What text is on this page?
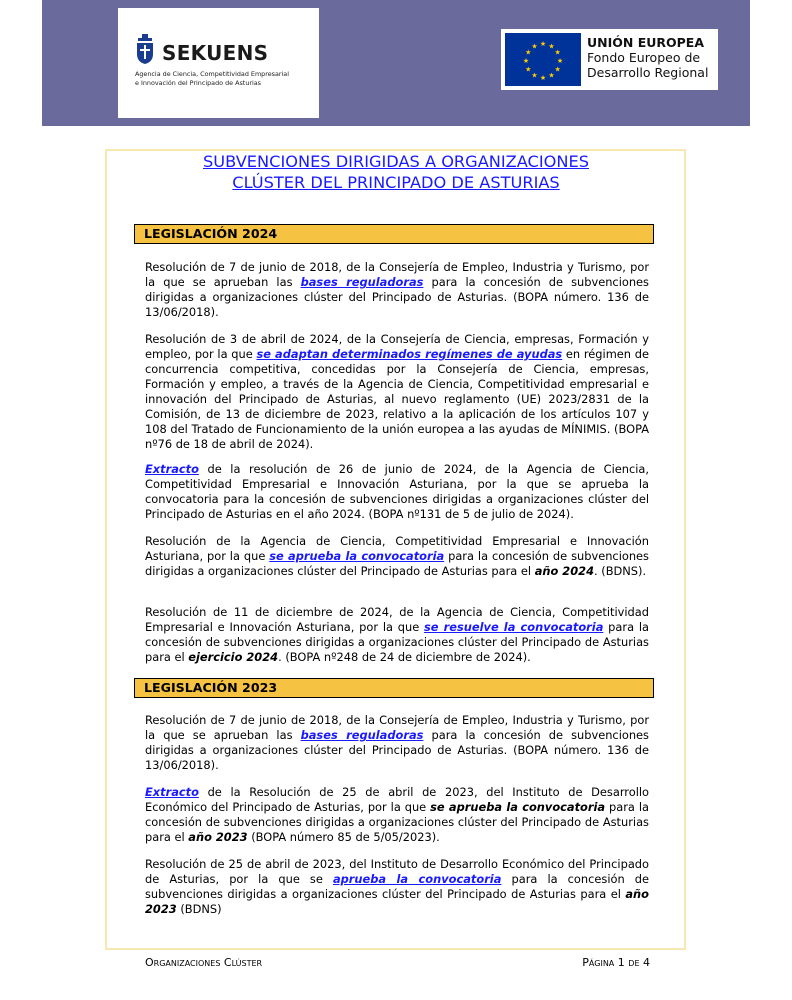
SEKUENS
Agencia de Ciencia, Competitividad Empresarial
e Innovación del Principado de Asturias
★ ★
★
★
★
★
★
★
★
★
★
★	UNIÓN EUROPEA
Fondo Europeo de
Desarrollo Regional
SUBVENCIONES DIRIGIDAS A ORGANIZACIONES
CLÚSTER DEL PRINCIPADO DE ASTURIAS
LEGISLACIÓN 2024

Resolución de 7 de junio de 2018, de la Consejería de Empleo, Industria y Turismo, por la que se aprueban las bases reguladoras para la concesión de subvenciones dirigidas a organizaciones clúster del Principado de Asturias. (BOPA número. 136 de 13/06/2018).

Resolución de 3 de abril de 2024, de la Consejería de Ciencia, empresas, Formación y empleo, por la que se adaptan determinados regímenes de ayudas en régimen de concurrencia competitiva, concedidas por la Consejería de Ciencia, empresas, Formación y empleo, a través de la Agencia de Ciencia, Competitividad empresarial e innovación del Principado de Asturias, al nuevo reglamento (UE) 2023/2831 de la Comisión, de 13 de diciembre de 2023, relativo a la aplicación de los artículos 107 y 108 del Tratado de Funcionamiento de la unión europea a las ayudas de MÍNIMIS. (BOPA nº76 de 18 de abril de 2024).

Extracto de la resolución de 26 de junio de 2024, de la Agencia de Ciencia, Competitividad Empresarial e Innovación Asturiana, por la que se aprueba la convocatoria para la concesión de subvenciones dirigidas a organizaciones clúster del Principado de Asturias en el año 2024. (BOPA nº131 de 5 de julio de 2024).

Resolución de la Agencia de Ciencia, Competitividad Empresarial e Innovación Asturiana, por la que se aprueba la convocatoria para la concesión de subvenciones dirigidas a organizaciones clúster del Principado de Asturias para el año 2024. (BDNS).

Resolución de 11 de diciembre de 2024, de la Agencia de Ciencia, Competitividad Empresarial e Innovación Asturiana, por la que se resuelve la convocatoria para la concesión de subvenciones dirigidas a organizaciones clúster del Principado de Asturias para el ejercicio 2024. (BOPA nº248 de 24 de diciembre de 2024).

LEGISLACIÓN 2023

Resolución de 7 de junio de 2018, de la Consejería de Empleo, Industria y Turismo, por la que se aprueban las bases reguladoras para la concesión de subvenciones dirigidas a organizaciones clúster del Principado de Asturias. (BOPA número. 136 de 13/06/2018).

Extracto de la Resolución de 25 de abril de 2023, del Instituto de Desarrollo Económico del Principado de Asturias, por la que se aprueba la convocatoria para la concesión de subvenciones dirigidas a organizaciones clúster del Principado de Asturias para el año 2023 (BOPA número 85 de 5/05/2023).

Resolución de 25 de abril de 2023, del Instituto de Desarrollo Económico del Principado de Asturias, por la que se aprueba la convocatoria para la concesión de subvenciones dirigidas a organizaciones clúster del Principado de Asturias para el año 2023 (BDNS)

Organizaciones Clúster	Página 1 de 4
